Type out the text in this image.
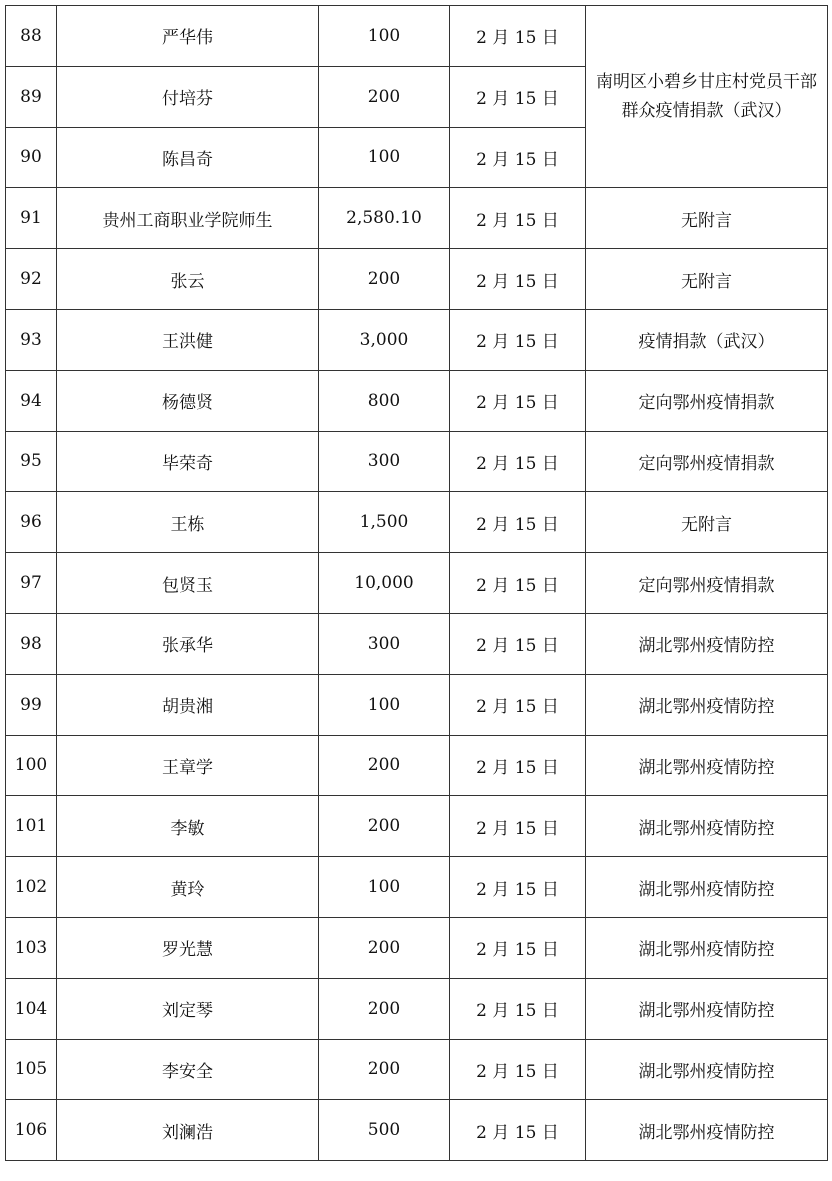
88	严华伟	100	2 月 15 日	南明区小碧乡甘庄村党员干部
群众疫情捐款（武汉）

89	付培芬	200	2 月 15 日	
90	陈昌奇	100	2 月 15 日	
91	贵州工商职业学院师生	2,580.10	2 月 15 日	无附言
92	张云	200	2 月 15 日	无附言
93	王洪健	3,000	2 月 15 日	疫情捐款（武汉）
94	杨德贤	800	2 月 15 日	定向鄂州疫情捐款
95	毕荣奇	300	2 月 15 日	定向鄂州疫情捐款
96	王栋	1,500	2 月 15 日	无附言
97	包贤玉	10,000	2 月 15 日	定向鄂州疫情捐款
98	张承华	300	2 月 15 日	湖北鄂州疫情防控
99	胡贵湘	100	2 月 15 日	湖北鄂州疫情防控
100	王章学	200	2 月 15 日	湖北鄂州疫情防控
101	李敏	200	2 月 15 日	湖北鄂州疫情防控
102	黄玲	100	2 月 15 日	湖北鄂州疫情防控
103	罗光慧	200	2 月 15 日	湖北鄂州疫情防控
104	刘定琴	200	2 月 15 日	湖北鄂州疫情防控
105	李安全	200	2 月 15 日	湖北鄂州疫情防控
106	刘澜浩	500	2 月 15 日	湖北鄂州疫情防控
